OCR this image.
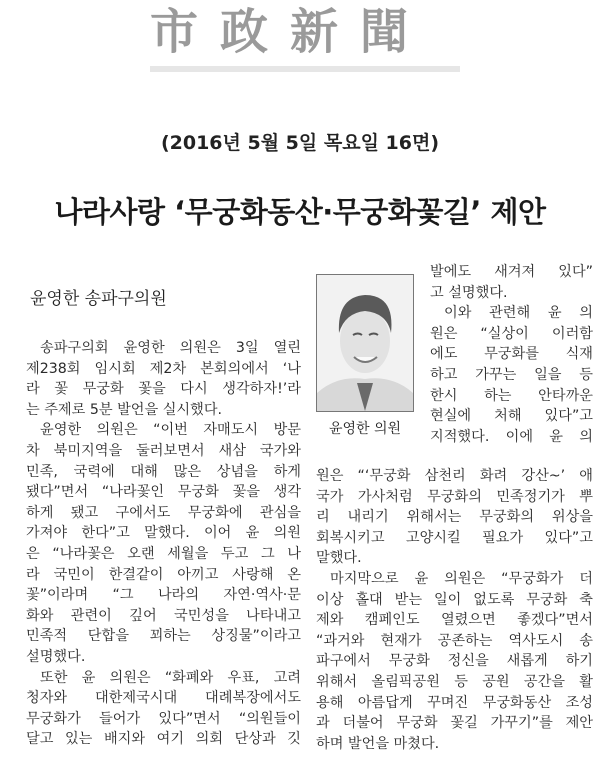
市政新聞
(2016년 5월 5일 목요일 16면)
나라사랑 ‘무궁화동산·무궁화꽃길’ 제안
윤영한 송파구의원
송파구의회 윤영한 의원은 3일 열린
제238회 임시회 제2차 본회의에서 ‘나
라 꽃 무궁화 꽃을 다시 생각하자!’라
는 주제로 5분 발언을 실시했다.
윤영한 의원은 “이번 자매도시 방문
차 북미지역을 둘러보면서 새삼 국가와
민족, 국력에 대해 많은 상념을 하게
됐다”면서 “나라꽃인 무궁화 꽃을 생각
하게 됐고 구에서도 무궁화에 관심을
가져야 한다”고 말했다. 이어 윤 의원
은 “나라꽃은 오랜 세월을 두고 그 나
라 국민이 한결같이 아끼고 사랑해 온
꽃”이라며 “그 나라의 자연·역사·문
화와 관련이 깊어 국민성을 나타내고
민족적 단합을 꾀하는 상징물”이라고
설명했다.
또한 윤 의원은 “화폐와 우표, 고려
청자와 대한제국시대 대례복장에서도
무궁화가 들어가 있다”면서 “의원들이
달고 있는 배지와 여기 의회 단상과 깃
발에도 새겨져 있다”
고 설명했다.
이와 관련해 윤 의
원은 “실상이 이러함
에도 무궁화를 식재
하고 가꾸는 일을 등
한시 하는 안타까운
현실에 처해 있다”고
지적했다. 이에 윤 의
원은 “‘무궁화 삼천리 화려 강산~’ 애
국가 가사처럼 무궁화의 민족정기가 뿌
리 내리기 위해서는 무궁화의 위상을
회복시키고 고양시킬 필요가 있다”고
말했다.
마지막으로 윤 의원은 “무궁화가 더
이상 홀대 받는 일이 없도록 무궁화 축
제와 캠페인도 열렸으면 좋겠다”면서
“과거와 현재가 공존하는 역사도시 송
파구에서 무궁화 정신을 새롭게 하기
위해서 올림픽공원 등 공원 공간을 활
용해 아름답게 꾸며진 무궁화동산 조성
과 더불어 무궁화 꽃길 가꾸기”를 제안
하며 발언을 마쳤다.
윤영한 의원
